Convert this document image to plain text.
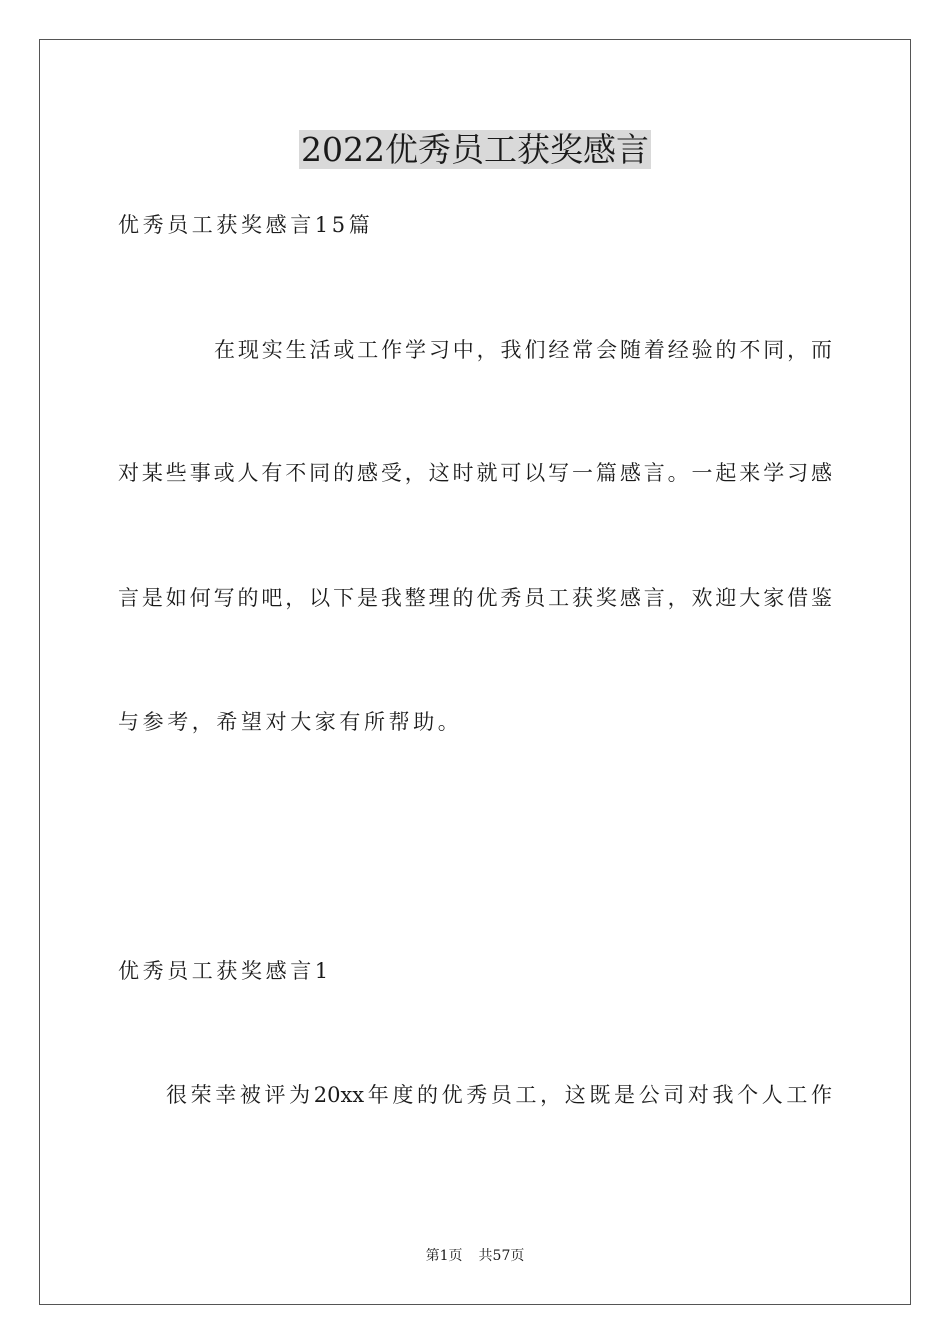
2022优秀员工获奖感言
优秀员工获奖感言15篇
在现实生活或工作学习中，我们经常会随着经验的不同，而
对某些事或人有不同的感受，这时就可以写一篇感言。一起来学习感
言是如何写的吧，以下是我整理的优秀员工获奖感言，欢迎大家借鉴
与参考，希望对大家有所帮助。
优秀员工获奖感言1
很荣幸被评为20xx年度的优秀员工，这既是公司对我个人工作
第1页 共57页
